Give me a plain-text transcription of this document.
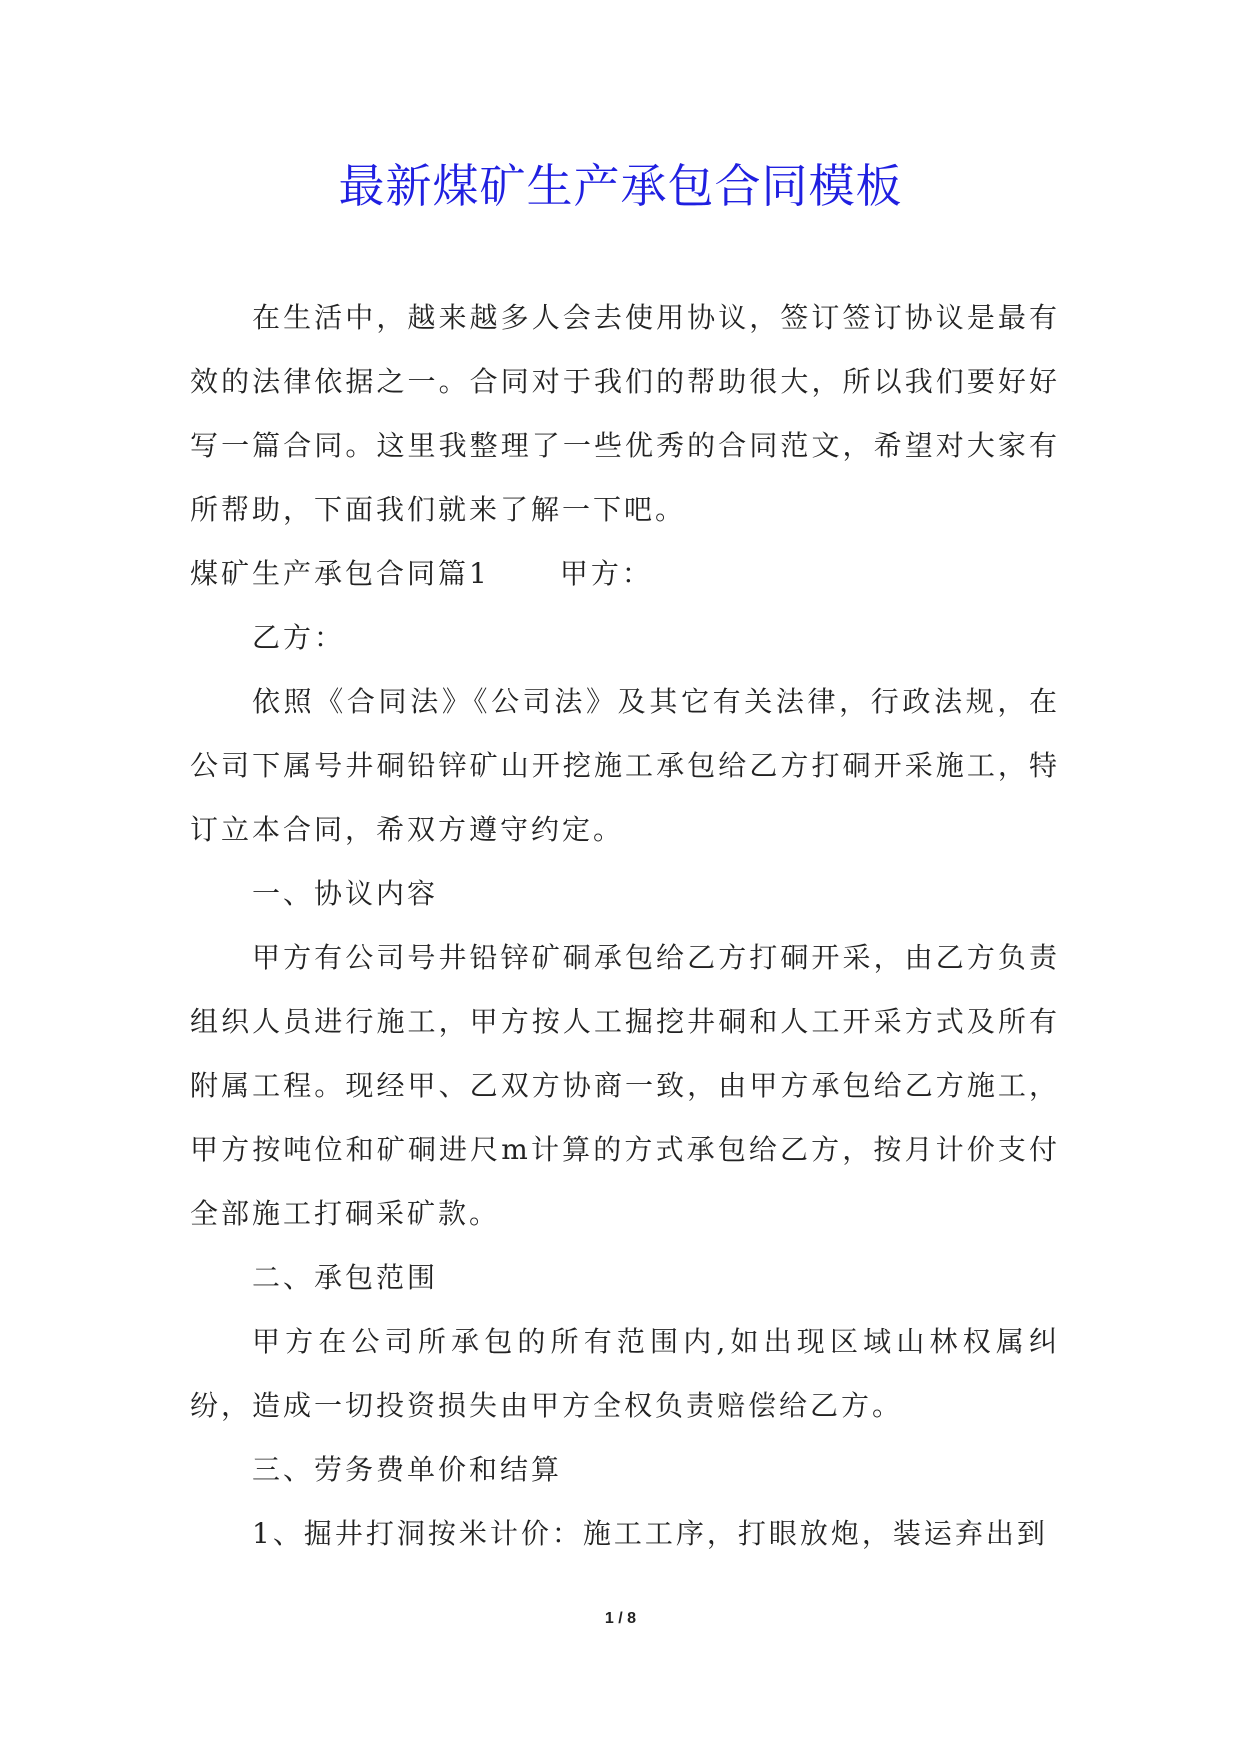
最新煤矿生产承包合同模板

在生活中，越来越多人会去使用协议，签订签订协议是最有效的法律依据之一。合同对于我们的帮助很大，所以我们要好好写一篇合同。这里我整理了一些优秀的合同范文，希望对大家有所帮助，下面我们就来了解一下吧。

煤矿生产承包合同篇1	甲方：

乙方：

依照《合同法》《公司法》及其它有关法律，行政法规，在公司下属号井硐铅锌矿山开挖施工承包给乙方打硐开采施工，特订立本合同，希双方遵守约定。

一、协议内容

甲方有公司号井铅锌矿硐承包给乙方打硐开采，由乙方负责组织人员进行施工，甲方按人工掘挖井硐和人工开采方式及所有附属工程。现经甲、乙双方协商一致，由甲方承包给乙方施工，甲方按吨位和矿硐进尺m计算的方式承包给乙方，按月计价支付全部施工打硐采矿款。

二、承包范围

甲方在公司所承包的所有范围内,如出现区域山林权属纠纷，造成一切投资损失由甲方全权负责赔偿给乙方。

三、劳务费单价和结算

1、掘井打洞按米计价：施工工序，打眼放炮，装运弃出到

1 / 8
